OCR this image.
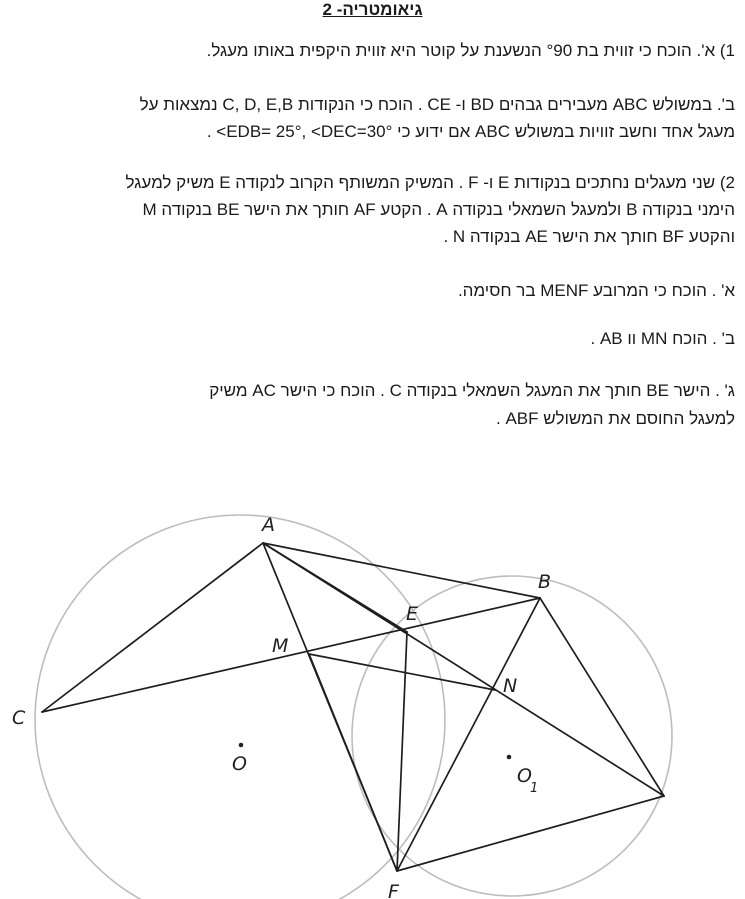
גיאומטריה- 2
1) א'. הוכח כי זווית בת °90 הנשענת על קוטר היא זווית היקפית באותו מעגל.
ב'. במשולש ABC מעבירים גבהים BD ו- CE . הוכח כי הנקודות C, D, E,B נמצאות על
מעגל אחד וחשב זוויות במשולש ABC אם ידוע כי °EDB= 25°, <DEC=30> .
2) שני מעגלים נחתכים בנקודות E ו- F . המשיק המשותף הקרוב לנקודה E משיק למעגל
הימני בנקודה B ולמעגל השמאלי בנקודה A . הקטע AF חותך את הישר BE בנקודה M
והקטע BF חותך את הישר AE בנקודה N .
א' . הוכח כי המרובע MENF בר חסימה.
ב' . הוכח MN וו AB .
ג' . הישר BE חותך את המעגל השמאלי בנקודה C . הוכח כי הישר AC משיק
למעגל החוסם את המשולש ABF .
A
B
C
E
F
M
N
O
O
1
